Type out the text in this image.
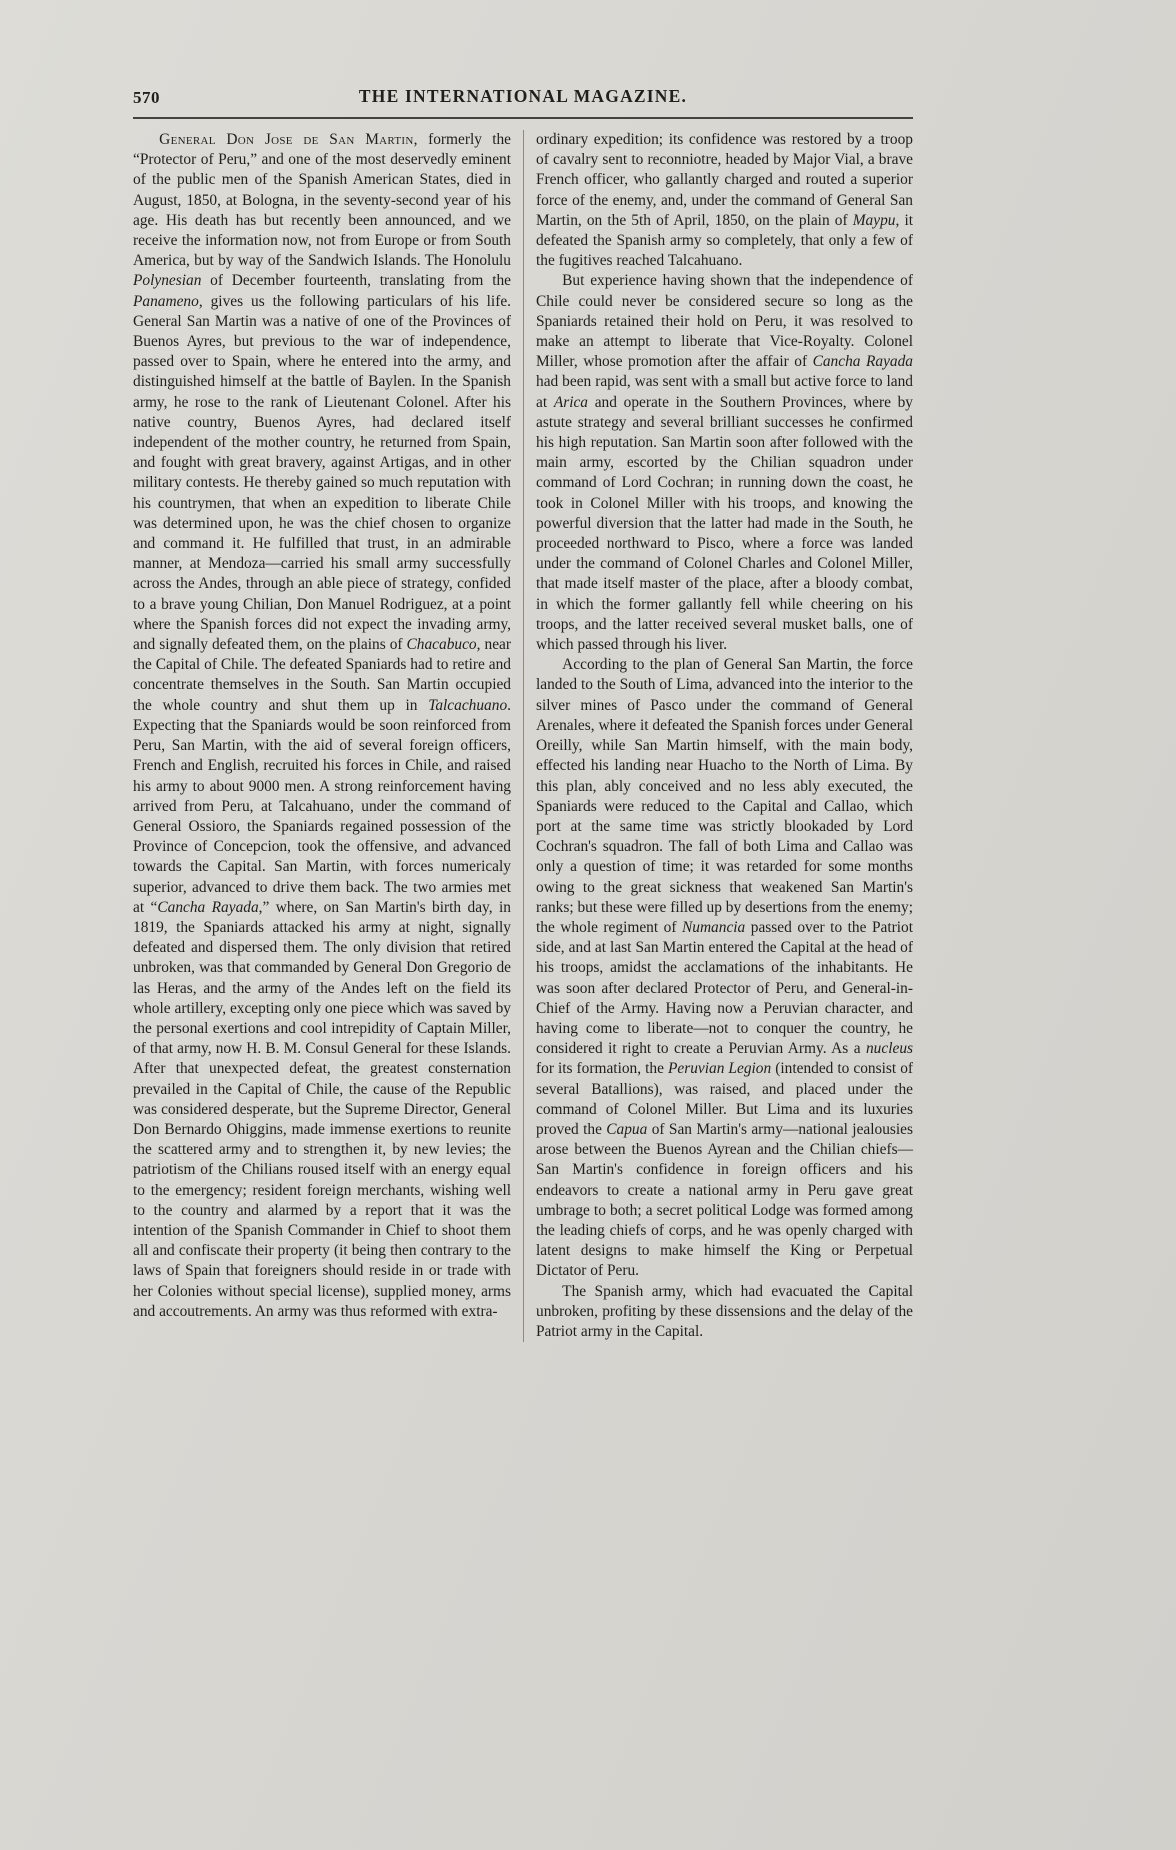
570	THE INTERNATIONAL MAGAZINE.

General Don Jose de San Martin, formerly the “Protector of Peru,” and one of the most deservedly eminent of the public men of the Spanish American States, died in August, 1850, at Bologna, in the seventy-second year of his age. His death has but recently been announced, and we receive the information now, not from Europe or from South America, but by way of the Sandwich Islands. The Honolulu Polynesian of December fourteenth, translating from the Panameno, gives us the following particulars of his life. General San Martin was a native of one of the Provinces of Buenos Ayres, but previous to the war of independence, passed over to Spain, where he entered into the army, and distinguished himself at the battle of Baylen. In the Spanish army, he rose to the rank of Lieutenant Colonel. After his native country, Buenos Ayres, had declared itself independent of the mother country, he returned from Spain, and fought with great bravery, against Artigas, and in other military contests. He thereby gained so much reputation with his countrymen, that when an expedition to liberate Chile was determined upon, he was the chief chosen to organize and command it. He fulfilled that trust, in an admirable manner, at Mendoza—carried his small army successfully across the Andes, through an able piece of strategy, confided to a brave young Chilian, Don Manuel Rodriguez, at a point where the Spanish forces did not expect the invading army, and signally defeated them, on the plains of Chacabuco, near the Capital of Chile. The defeated Spaniards had to retire and concentrate themselves in the South. San Martin occupied the whole country and shut them up in Talcachuano. Expecting that the Spaniards would be soon reinforced from Peru, San Martin, with the aid of several foreign officers, French and English, recruited his forces in Chile, and raised his army to about 9000 men. A strong reinforcement having arrived from Peru, at Talcahuano, under the command of General Ossioro, the Spaniards regained possession of the Province of Concepcion, took the offensive, and advanced towards the Capital. San Martin, with forces numericaly superior, advanced to drive them back. The two armies met at “Cancha Rayada,” where, on San Martin's birth day, in 1819, the Spaniards attacked his army at night, signally defeated and dispersed them. The only division that retired unbroken, was that commanded by General Don Gregorio de las Heras, and the army of the Andes left on the field its whole artillery, excepting only one piece which was saved by the personal exertions and cool intrepidity of Captain Miller, of that army, now H. B. M. Consul General for these Islands. After that unexpected defeat, the greatest consternation prevailed in the Capital of Chile, the cause of the Republic was considered desperate, but the Supreme Director, General Don Bernardo Ohiggins, made immense exertions to reunite the scattered army and to strengthen it, by new levies; the patriotism of the Chilians roused itself with an energy equal to the emergency; resident foreign merchants, wishing well to the country and alarmed by a report that it was the intention of the Spanish Commander in Chief to shoot them all and confiscate their property (it being then contrary to the laws of Spain that foreigners should reside in or trade with her Colonies without special license), supplied money, arms and accoutrements. An army was thus reformed with extra-

ordinary expedition; its confidence was restored by a troop of cavalry sent to reconniotre, headed by Major Vial, a brave French officer, who gallantly charged and routed a superior force of the enemy, and, under the command of General San Martin, on the 5th of April, 1850, on the plain of Maypu, it defeated the Spanish army so completely, that only a few of the fugitives reached Talcahuano.

But experience having shown that the independence of Chile could never be considered secure so long as the Spaniards retained their hold on Peru, it was resolved to make an attempt to liberate that Vice-Royalty. Colonel Miller, whose promotion after the affair of Cancha Rayada had been rapid, was sent with a small but active force to land at Arica and operate in the Southern Provinces, where by astute strategy and several brilliant successes he confirmed his high reputation. San Martin soon after followed with the main army, escorted by the Chilian squadron under command of Lord Cochran; in running down the coast, he took in Colonel Miller with his troops, and knowing the powerful diversion that the latter had made in the South, he proceeded northward to Pisco, where a force was landed under the command of Colonel Charles and Colonel Miller, that made itself master of the place, after a bloody combat, in which the former gallantly fell while cheering on his troops, and the latter received several musket balls, one of which passed through his liver.

According to the plan of General San Martin, the force landed to the South of Lima, advanced into the interior to the silver mines of Pasco under the command of General Arenales, where it defeated the Spanish forces under General Oreilly, while San Martin himself, with the main body, effected his landing near Huacho to the North of Lima. By this plan, ably conceived and no less ably executed, the Spaniards were reduced to the Capital and Callao, which port at the same time was strictly blookaded by Lord Cochran's squadron. The fall of both Lima and Callao was only a question of time; it was retarded for some months owing to the great sickness that weakened San Martin's ranks; but these were filled up by desertions from the enemy; the whole regiment of Numancia passed over to the Patriot side, and at last San Martin entered the Capital at the head of his troops, amidst the acclamations of the inhabitants. He was soon after declared Protector of Peru, and General-in-Chief of the Army. Having now a Peruvian character, and having come to liberate—not to conquer the country, he considered it right to create a Peruvian Army. As a nucleus for its formation, the Peruvian Legion (intended to consist of several Batallions), was raised, and placed under the command of Colonel Miller. But Lima and its luxuries proved the Capua of San Martin's army—national jealousies arose between the Buenos Ayrean and the Chilian chiefs—San Martin's confidence in foreign officers and his endeavors to create a national army in Peru gave great umbrage to both; a secret political Lodge was formed among the leading chiefs of corps, and he was openly charged with latent designs to make himself the King or Perpetual Dictator of Peru.

The Spanish army, which had evacuated the Capital unbroken, profiting by these dissensions and the delay of the Patriot army in the Capital.
